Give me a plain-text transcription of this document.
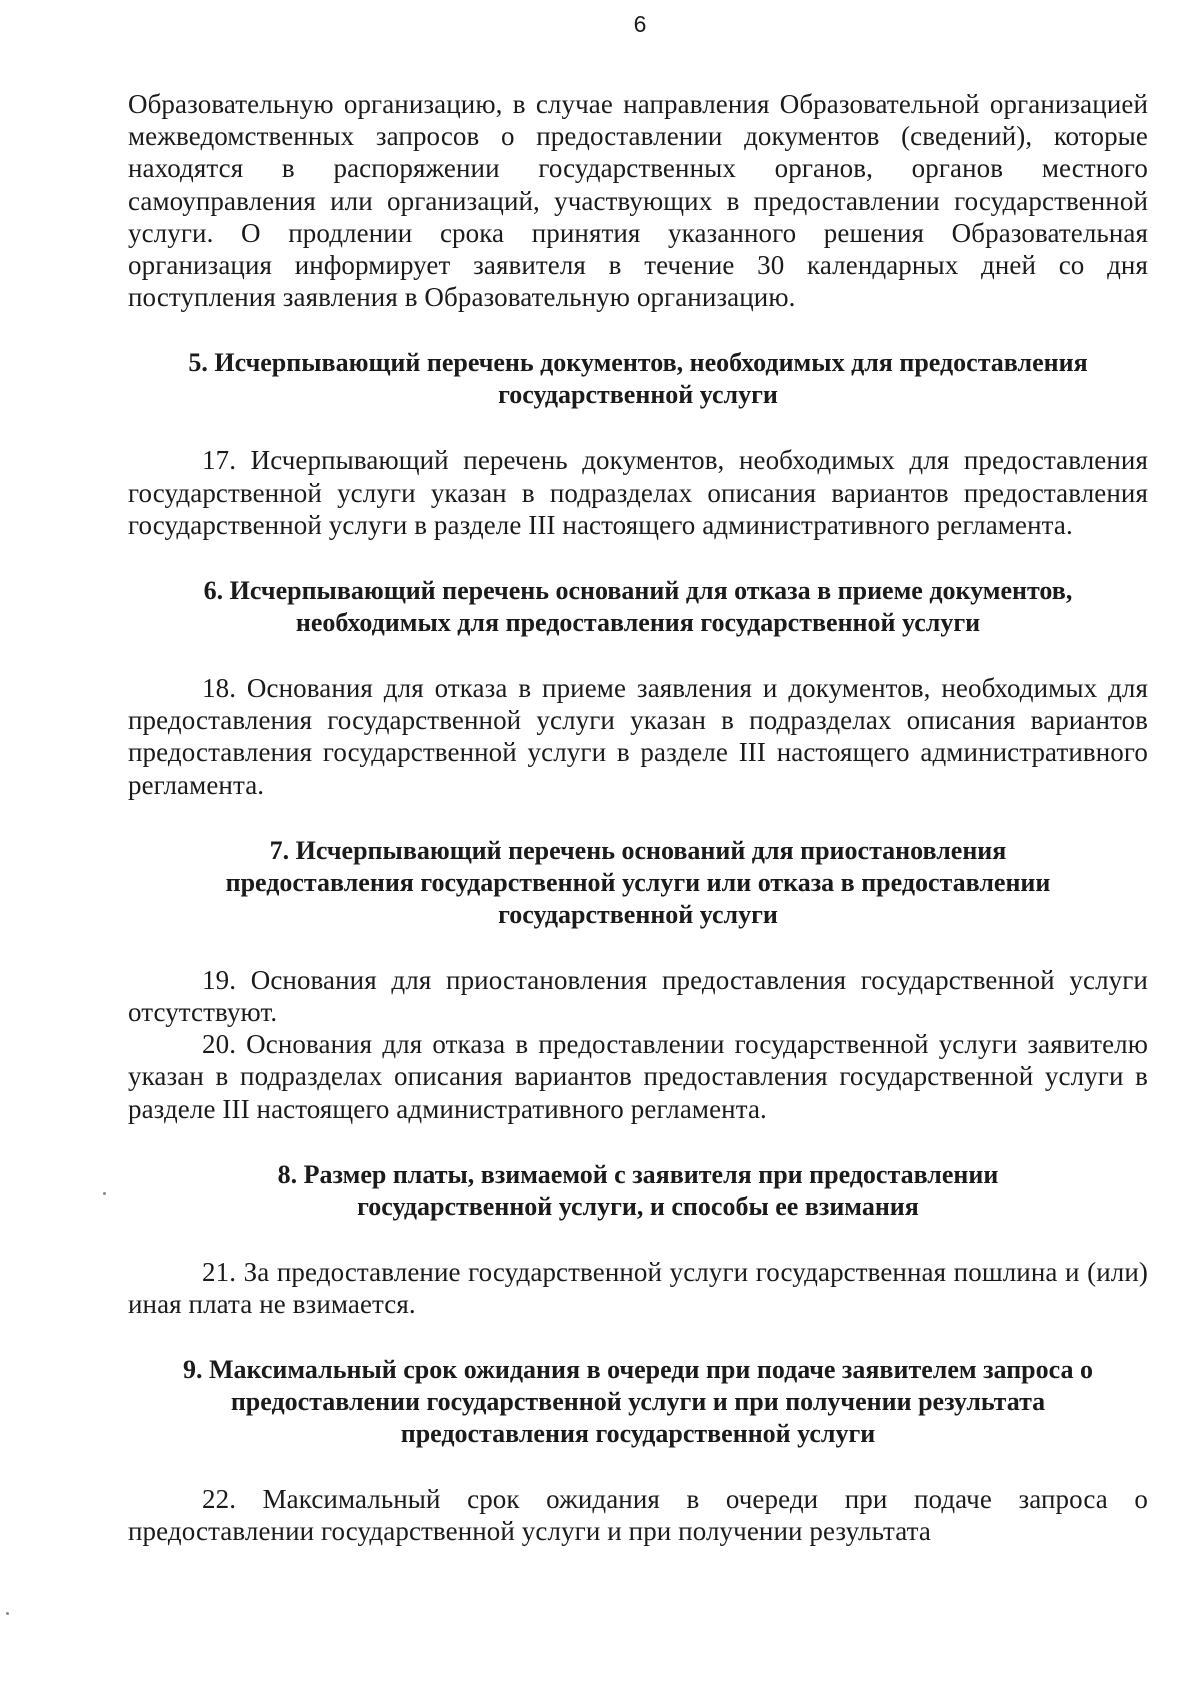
6

Образовательную организацию, в случае направления Образовательной организацией межведомственных запросов о предоставлении документов (сведений), которые находятся в распоряжении государственных органов, органов местного самоуправления или организаций, участвующих в предоставлении государственной услуги. О продлении срока принятия указанного решения Образовательная организация информирует заявителя в течение 30 календарных дней со дня поступления заявления в Образовательную организацию.

5. Исчерпывающий перечень документов, необходимых для предоставления

государственной услуги

17. Исчерпывающий перечень документов, необходимых для предоставления государственной услуги указан в подразделах описания вариантов предоставления государственной услуги в разделе III настоящего административного регламента.

6. Исчерпывающий перечень оснований для отказа в приеме документов,

необходимых для предоставления государственной услуги

18. Основания для отказа в приеме заявления и документов, необходимых для предоставления государственной услуги указан в подразделах описания вариантов предоставления государственной услуги в разделе III настоящего административного регламента.

7. Исчерпывающий перечень оснований для приостановления

предоставления государственной услуги или отказа в предоставлении

государственной услуги

19. Основания для приостановления предоставления государственной услуги отсутствуют.

20. Основания для отказа в предоставлении государственной услуги заявителю указан в подразделах описания вариантов предоставления государственной услуги в разделе III настоящего административного регламента.

8. Размер платы, взимаемой с заявителя при предоставлении

государственной услуги, и способы ее взимания

21. За предоставление государственной услуги государственная пошлина и (или) иная плата не взимается.

9. Максимальный срок ожидания в очереди при подаче заявителем запроса о

предоставлении государственной услуги и при получении результата

предоставления государственной услуги

22. Максимальный срок ожидания в очереди при подаче запроса о предоставлении государственной услуги и при получении результата
